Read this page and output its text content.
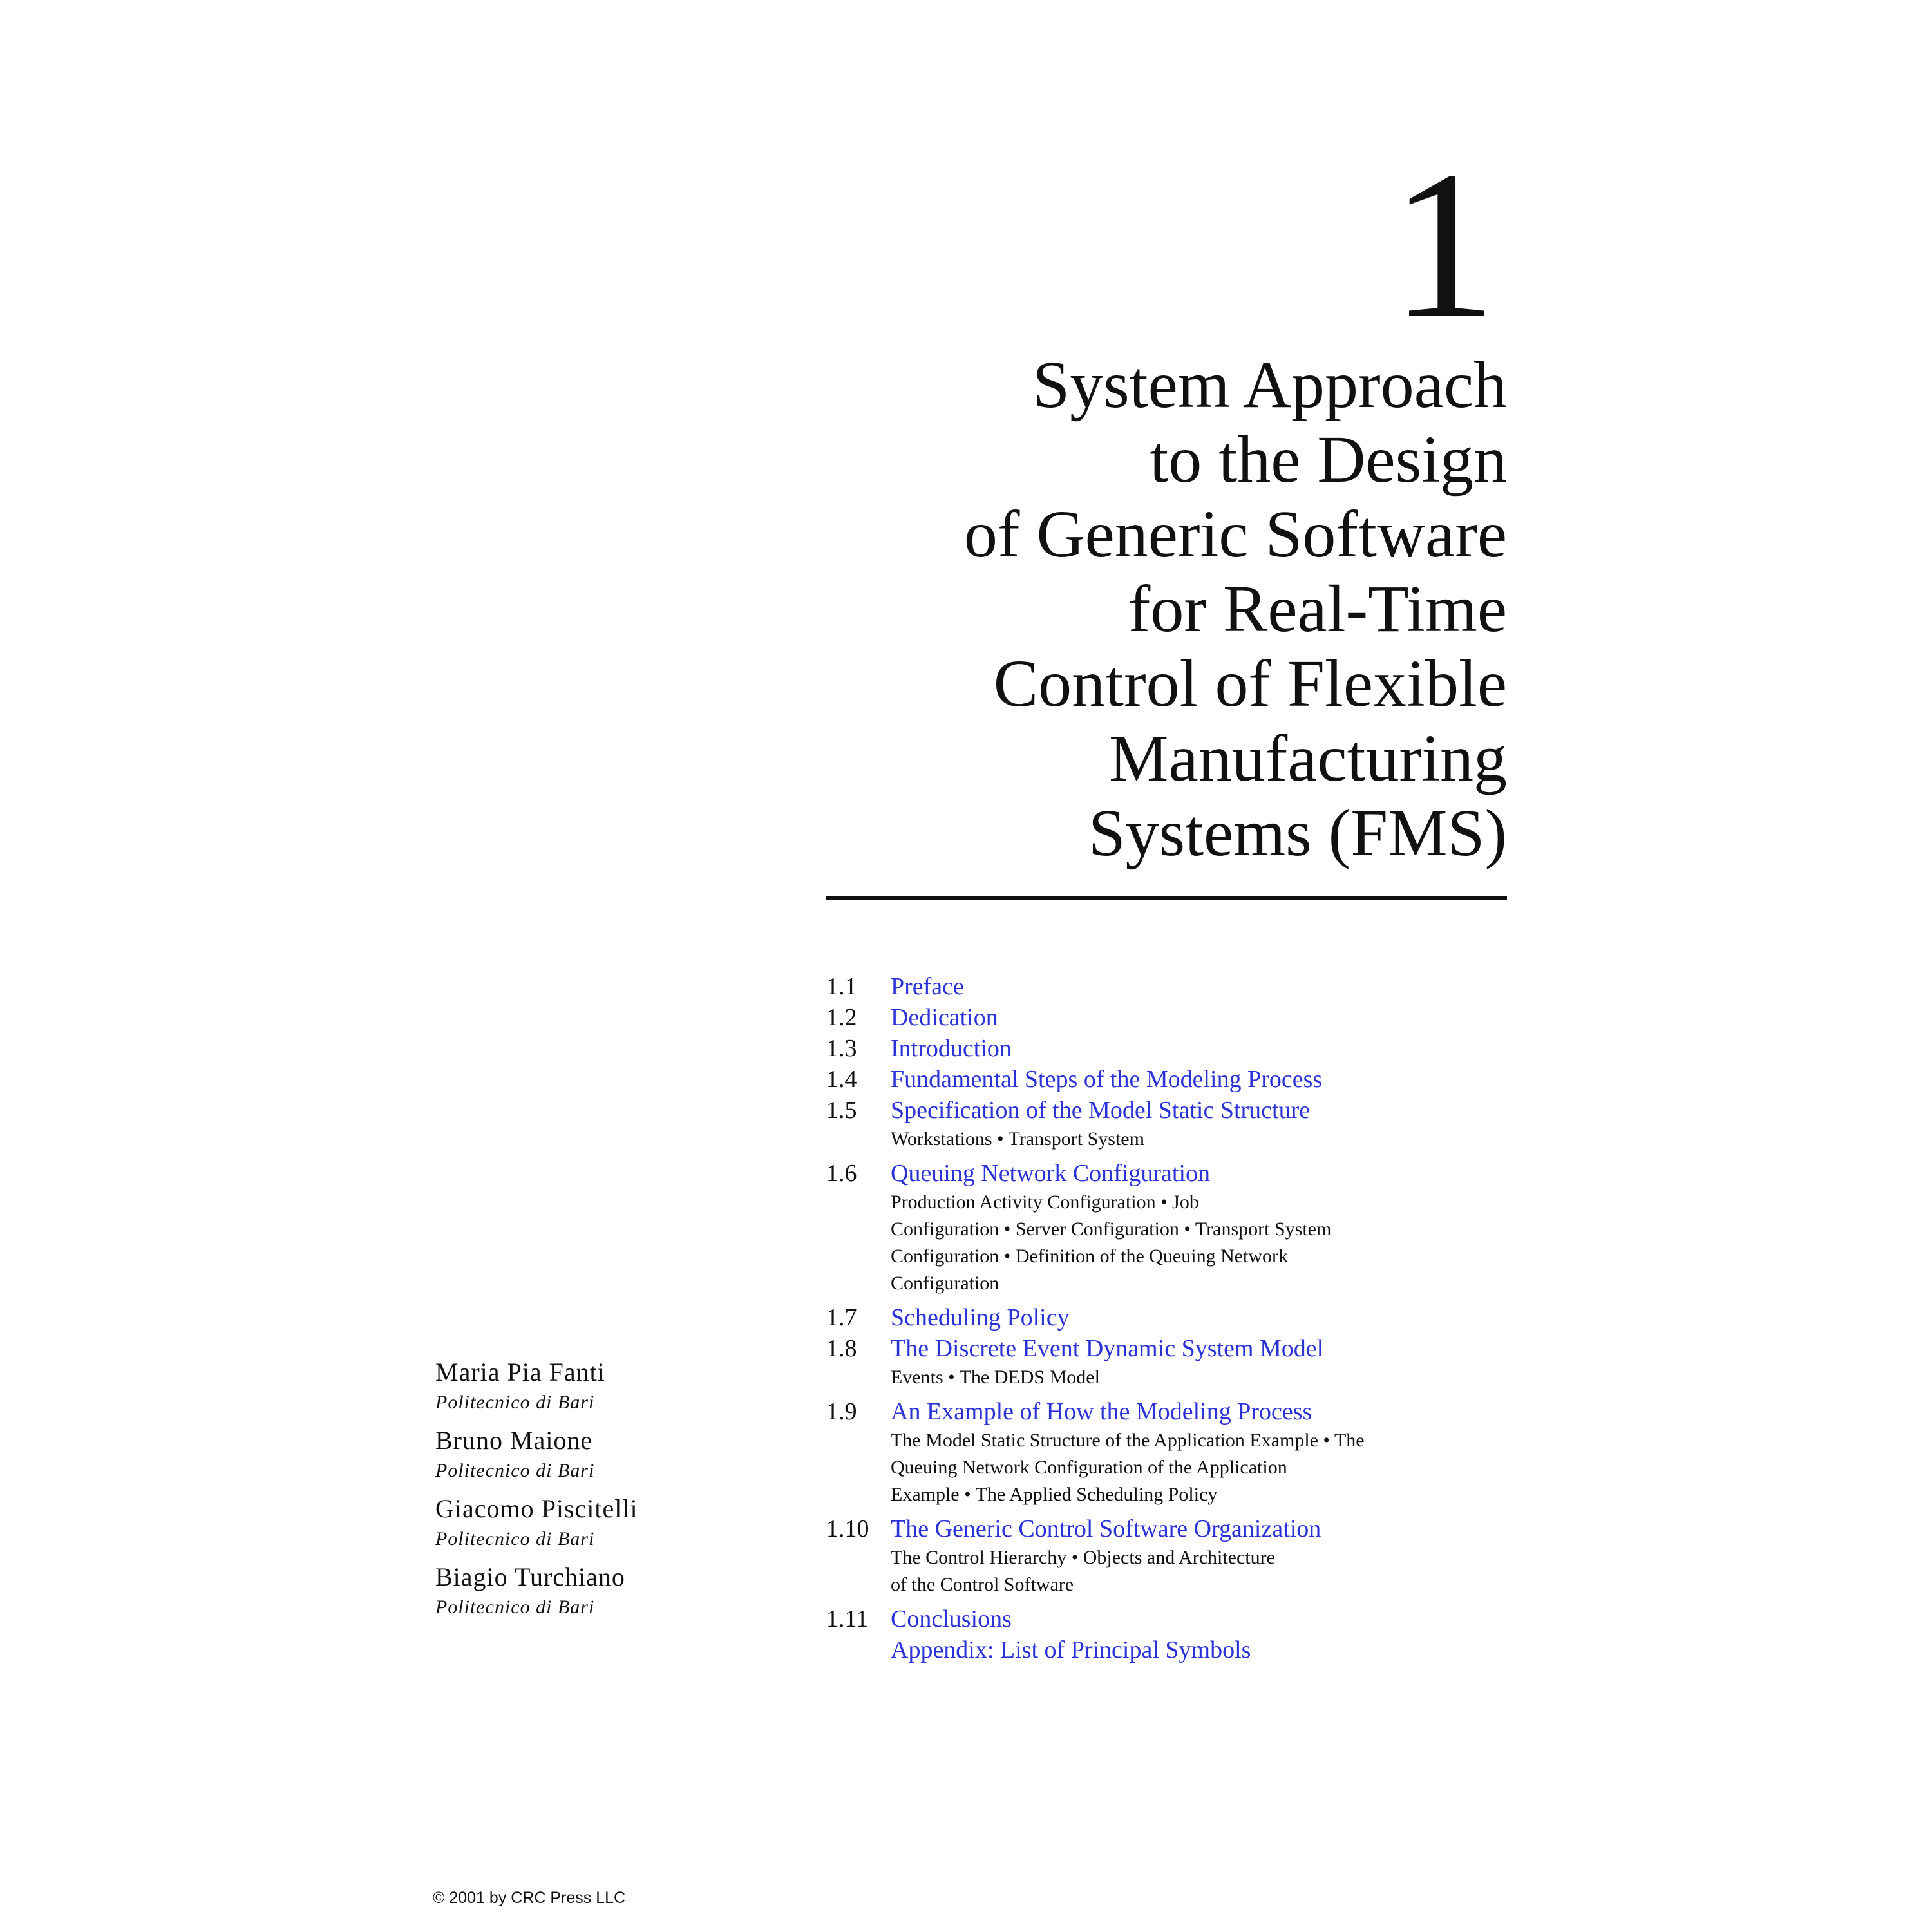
1
System Approach
to the Design
of Generic Software
for Real-Time
Control of Flexible
Manufacturing
Systems (FMS)
1.1	Preface
1.2	Dedication
1.3	Introduction
1.4	Fundamental Steps of the Modeling Process
1.5	Specification of the Model Static Structure
Workstations • Transport System
1.6	Queuing Network Configuration
Production Activity Configuration • Job
Configuration • Server Configuration • Transport System
Configuration • Definition of the Queuing Network
Configuration
1.7	Scheduling Policy
1.8	The Discrete Event Dynamic System Model
Events • The DEDS Model
1.9	An Example of How the Modeling Process
The Model Static Structure of the Application Example • The
Queuing Network Configuration of the Application
Example • The Applied Scheduling Policy
1.10 The Generic Control Software Organization
The Control Hierarchy • Objects and Architecture
of the Control Software
1.11 Conclusions
Appendix: List of Principal Symbols
Maria Pia Fanti
Politecnico di Bari
Bruno Maione
Politecnico di Bari
Giacomo Piscitelli
Politecnico di Bari
Biagio Turchiano
Politecnico di Bari
© 2001 by CRC Press LLC
